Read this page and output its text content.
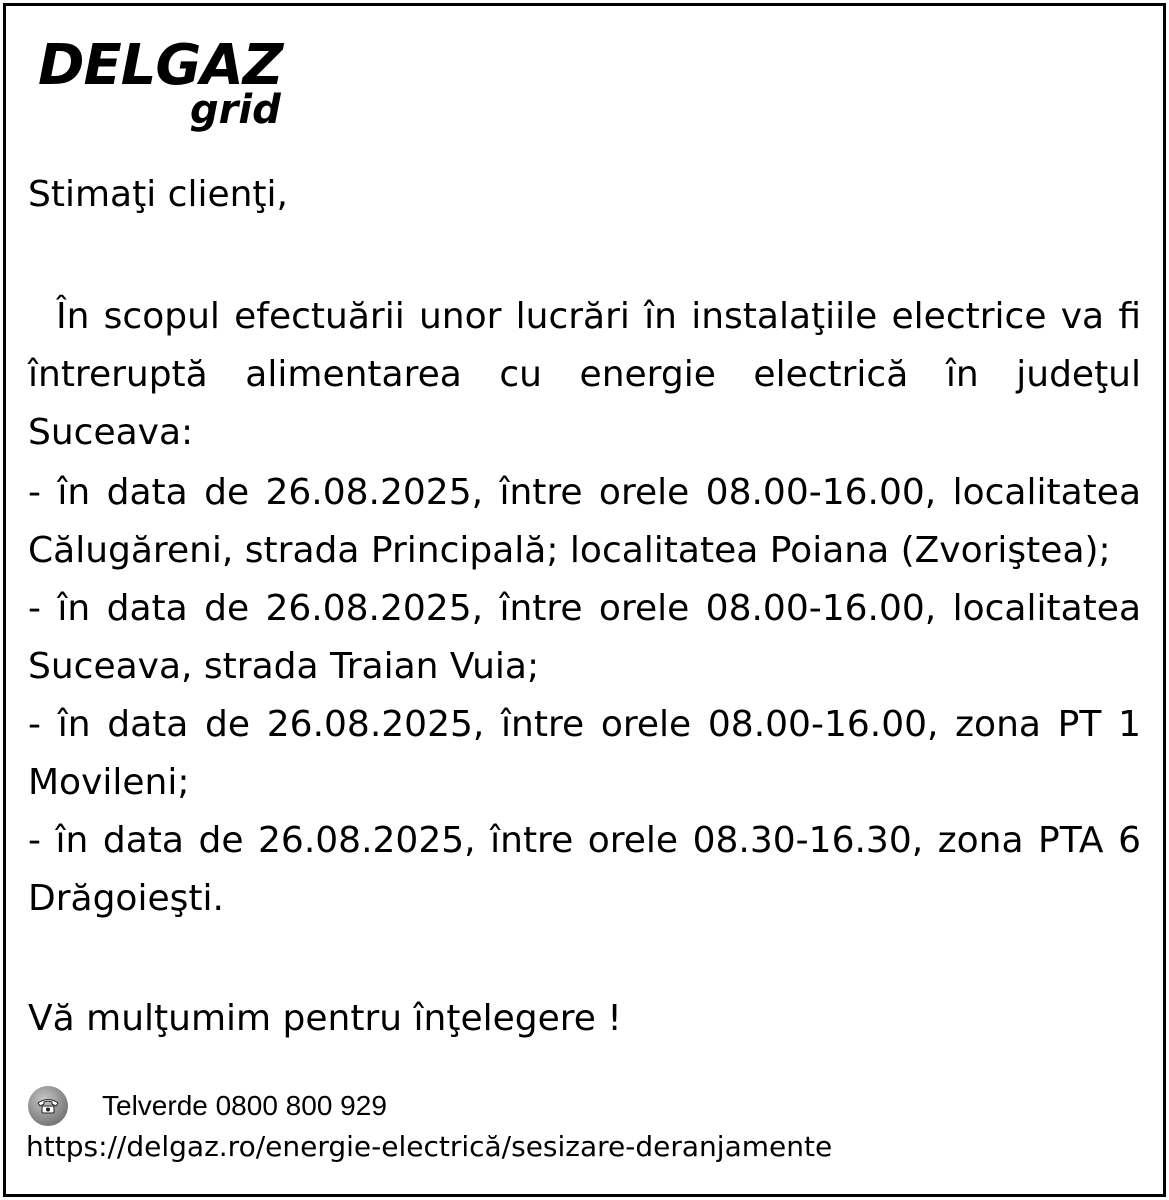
DELGAZ
grid
Stimaţi clienţi,
În scopul efectuării unor lucrări în instalaţiile electrice va fi întreruptă alimentarea cu energie electrică în judeţul Suceava:
- în data de 26.08.2025, între orele 08.00-16.00, localitatea Călugăreni, strada Principală; localitatea Poiana (Zvoriştea);
- în data de 26.08.2025, între orele 08.00-16.00, localitatea Suceava, strada Traian Vuia;
- în data de 26.08.2025, între orele 08.00-16.00, zona PT 1 Movileni;
- în data de 26.08.2025, între orele 08.30-16.30, zona PTA 6 Drăgoieşti.
Vă mulţumim pentru înţelegere !
Telverde 0800 800 929
https://delgaz.ro/energie-electrică/sesizare-deranjamente
